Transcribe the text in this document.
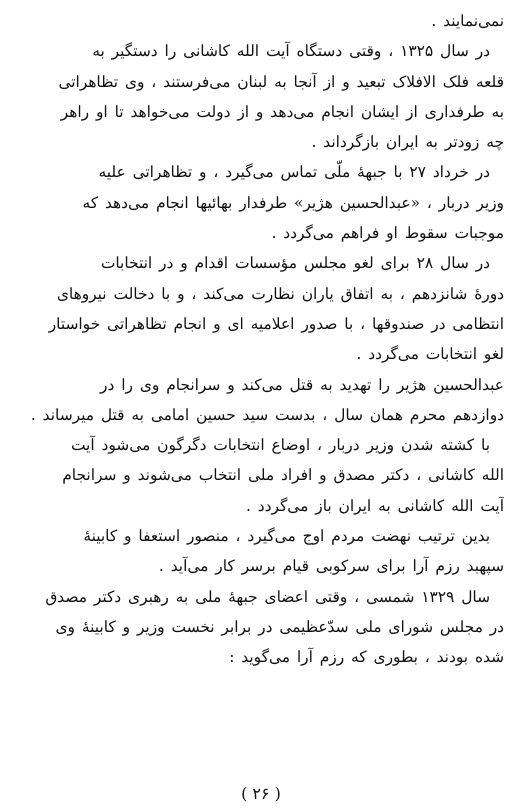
نمی‌نمایند .
در سال ۱۳۲۵ ، وقتی دستگاه آیت الله کاشانی را دستگیر به
قلعه فلک الافلاک تبعید و از آنجا به لبنان می‌فرستند ، وی تظاهراتی
به طرفداری از ایشان انجام می‌دهد و از دولت می‌خواهد تا او راهر
چه زودتر به ایران بازگرداند .
در خرداد ۲۷ با جبههٔ ملّی تماس می‌گیرد ، و تظاهراتی علیه
وزیر دربار ، «عبدالحسین هژیر» طرفدار بهائیها انجام می‌دهد که
موجبات سقوط او فراهم می‌گردد .
در سال ۲۸ برای لغو مجلس مؤسسات اقدام و در انتخابات
دورهٔ شانزدهم ، به اتفاق یاران نظارت می‌کند ، و با دخالت نیروهای
انتظامی در صندوقها ، با صدور اعلامیه ای و انجام تظاهراتی خواستار
لغو انتخابات می‌گردد .
عبدالحسین هژیر را تهدید به قتل می‌کند و سرانجام وی را در
دوازدهم محرم همان سال ، بدست سید حسین امامی به قتل میرساند .
با کشته شدن وزیر دربار ، اوضاع انتخابات دگرگون می‌شود آیت
الله کاشانی ، دکتر مصدق و افراد ملی انتخاب می‌شوند و سرانجام
آیت الله کاشانی به ایران باز می‌گردد .
بدین ترتیب نهضت مردم اوج می‌گیرد ، منصور استعفا و کابینهٔ
سپهبد رزم آرا برای سرکوبی قیام برسر کار می‌آید .
سال ۱۳۲۹ شمسی ، وقتی اعضای جبههٔ ملی به رهبری دکتر مصدق
در مجلس شورای ملی سدّعظیمی در برابر نخست وزیر و کابینهٔ وی
شده بودند ، بطوری که رزم آرا می‌گوید :
( ۲۶ )
